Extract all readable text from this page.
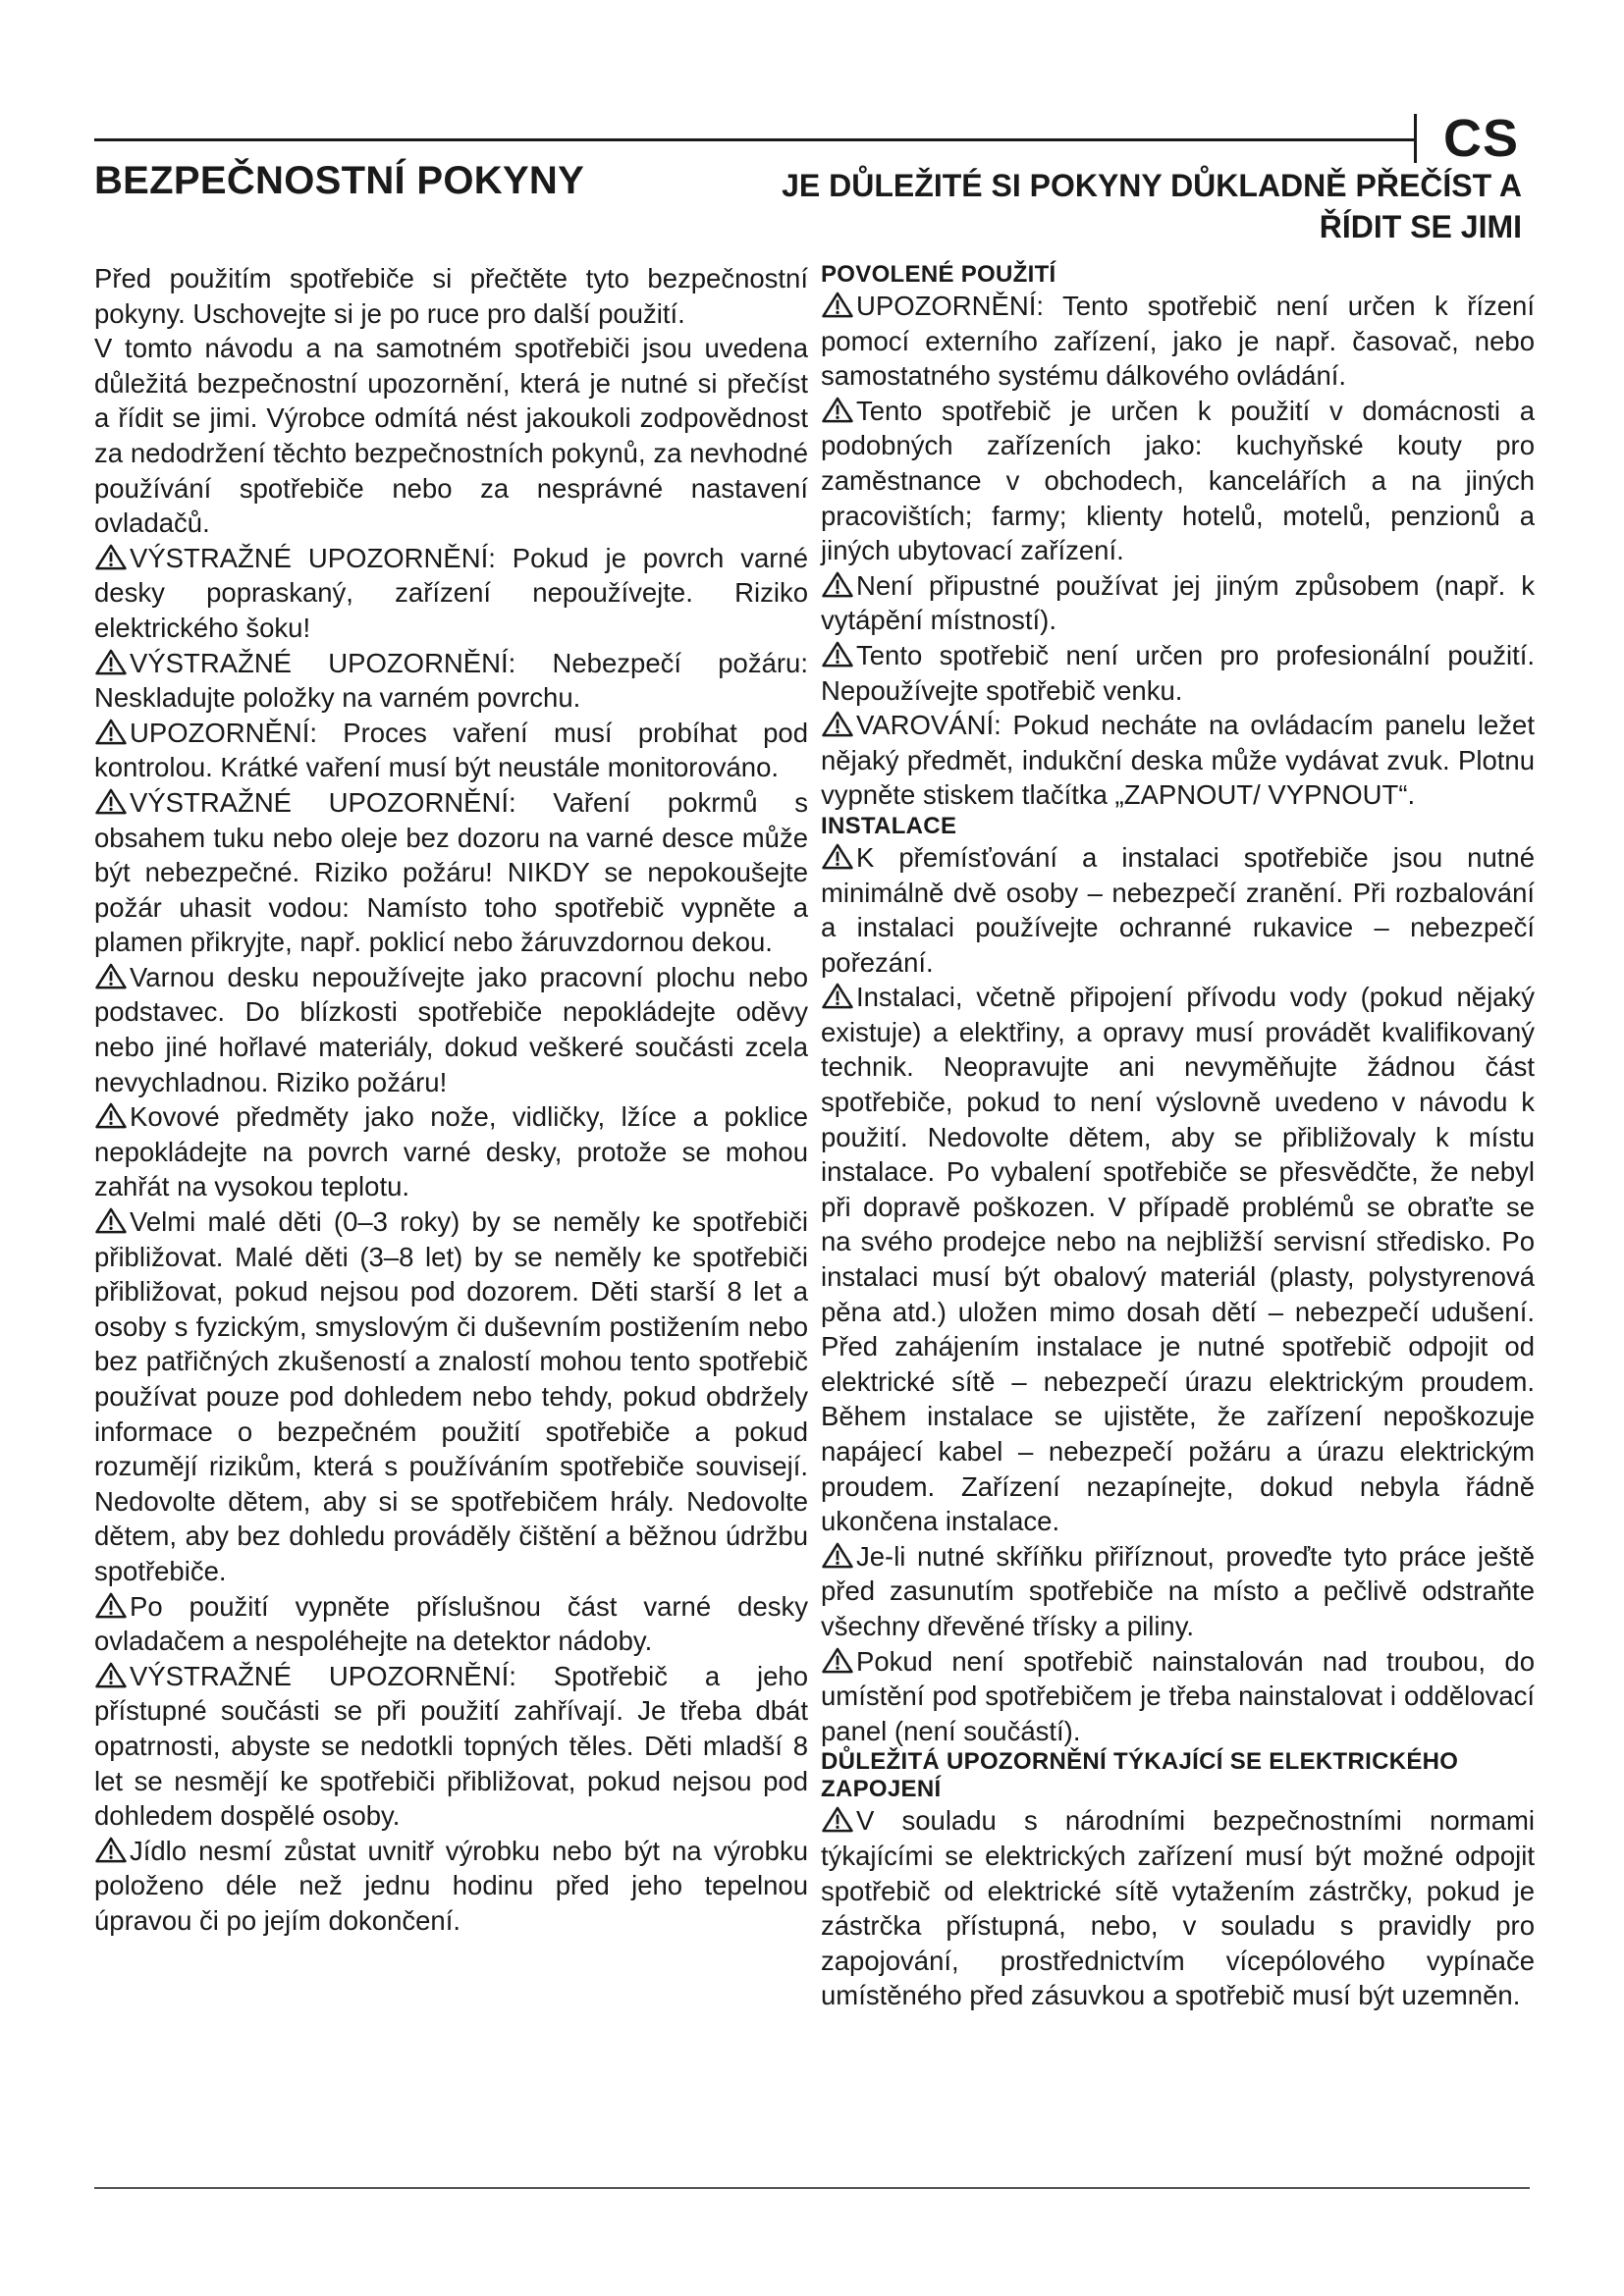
CS
BEZPEČNOSTNÍ POKYNY	JE DŮLEŽITÉ SI POKYNY DŮKLADNĚ PŘEČÍST A ŘÍDIT SE JIMI

Před použitím spotřebiče si přečtěte tyto bezpečnostní pokyny. Uschovejte si je po ruce pro další použití.

V tomto návodu a na samotném spotřebiči jsou uvedena důležitá bezpečnostní upozornění, která je nutné si přečíst a řídit se jimi. Výrobce odmítá nést jakoukoli zodpovědnost za nedodržení těchto bezpečnostních pokynů, za nevhodné používání spotřebiče nebo za nesprávné nastavení ovladačů.

VÝSTRAŽNÉ UPOZORNĚNÍ: Pokud je povrch varné desky popraskaný, zařízení nepoužívejte. Riziko elektrického šoku!

VÝSTRAŽNÉ UPOZORNĚNÍ: Nebezpečí požáru: Neskladujte položky na varném povrchu.

UPOZORNĚNÍ: Proces vaření musí probíhat pod kontrolou. Krátké vaření musí být neustále monitorováno.

VÝSTRAŽNÉ UPOZORNĚNÍ: Vaření pokrmů s obsahem tuku nebo oleje bez dozoru na varné desce může být nebezpečné. Riziko požáru! NIKDY se nepokoušejte požár uhasit vodou: Namísto toho spotřebič vypněte a plamen přikryjte, např. poklicí nebo žáruvzdornou dekou.

Varnou desku nepoužívejte jako pracovní plochu nebo podstavec. Do blízkosti spotřebiče nepokládejte oděvy nebo jiné hořlavé materiály, dokud veškeré součásti zcela nevychladnou. Riziko požáru!

Kovové předměty jako nože, vidličky, lžíce a poklice nepokládejte na povrch varné desky, protože se mohou zahřát na vysokou teplotu.

Velmi malé děti (0–3 roky) by se neměly ke spotřebiči přibližovat. Malé děti (3–8 let) by se neměly ke spotřebiči přibližovat, pokud nejsou pod dozorem. Děti starší 8 let a osoby s fyzickým, smyslovým či duševním postižením nebo bez patřičných zkušeností a znalostí mohou tento spotřebič používat pouze pod dohledem nebo tehdy, pokud obdržely informace o bezpečném použití spotřebiče a pokud rozumějí rizikům, která s používáním spotřebiče souvisejí. Nedovolte dětem, aby si se spotřebičem hrály. Nedovolte dětem, aby bez dohledu prováděly čištění a běžnou údržbu spotřebiče.

Po použití vypněte příslušnou část varné desky ovladačem a nespoléhejte na detektor nádoby.

VÝSTRAŽNÉ UPOZORNĚNÍ: Spotřebič a jeho přístupné součásti se při použití zahřívají. Je třeba dbát opatrnosti, abyste se nedotkli topných těles. Děti mladší 8 let se nesmějí ke spotřebiči přibližovat, pokud nejsou pod dohledem dospělé osoby.

Jídlo nesmí zůstat uvnitř výrobku nebo být na výrobku položeno déle než jednu hodinu před jeho tepelnou úpravou či po jejím dokončení.

POVOLENÉ POUŽITÍ

UPOZORNĚNÍ: Tento spotřebič není určen k řízení pomocí externího zařízení, jako je např. časovač, nebo samostatného systému dálkového ovládání.

Tento spotřebič je určen k použití v domácnosti a podobných zařízeních jako: kuchyňské kouty pro zaměstnance v obchodech, kancelářích a na jiných pracovištích; farmy; klienty hotelů, motelů, penzionů a jiných ubytovací zařízení.

Není připustné používat jej jiným způsobem (např. k vytápění místností).

Tento spotřebič není určen pro profesionální použití. Nepoužívejte spotřebič venku.

VAROVÁNÍ: Pokud necháte na ovládacím panelu ležet nějaký předmět, indukční deska může vydávat zvuk. Plotnu vypněte stiskem tlačítka „ZAPNOUT/ VYPNOUT“.

INSTALACE

K přemísťování a instalaci spotřebiče jsou nutné minimálně dvě osoby – nebezpečí zranění. Při rozbalování a instalaci používejte ochranné rukavice – nebezpečí pořezání.

Instalaci, včetně připojení přívodu vody (pokud nějaký existuje) a elektřiny, a opravy musí provádět kvalifikovaný technik. Neopravujte ani nevyměňujte žádnou část spotřebiče, pokud to není výslovně uvedeno v návodu k použití. Nedovolte dětem, aby se přibližovaly k místu instalace. Po vybalení spotřebiče se přesvědčte, že nebyl při dopravě poškozen. V případě problémů se obraťte se na svého prodejce nebo na nejbližší servisní středisko. Po instalaci musí být obalový materiál (plasty, polystyrenová pěna atd.) uložen mimo dosah dětí – nebezpečí udušení. Před zahájením instalace je nutné spotřebič odpojit od elektrické sítě – nebezpečí úrazu elektrickým proudem. Během instalace se ujistěte, že zařízení nepoškozuje napájecí kabel – nebezpečí požáru a úrazu elektrickým proudem. Zařízení nezapínejte, dokud nebyla řádně ukončena instalace.

Je-li nutné skříňku přiříznout, proveďte tyto práce ještě před zasunutím spotřebiče na místo a pečlivě odstraňte všechny dřevěné třísky a piliny.

Pokud není spotřebič nainstalován nad troubou, do umístění pod spotřebičem je třeba nainstalovat i oddělovací panel (není součástí).

DŮLEŽITÁ UPOZORNĚNÍ TÝKAJÍCÍ SE ELEKTRICKÉHO ZAPOJENÍ

V souladu s národními bezpečnostními normami týkajícími se elektrických zařízení musí být možné odpojit spotřebič od elektrické sítě vytažením zástrčky, pokud je zástrčka přístupná, nebo, v souladu s pravidly pro zapojování, prostřednictvím vícepólového vypínače umístěného před zásuvkou a spotřebič musí být uzemněn.
